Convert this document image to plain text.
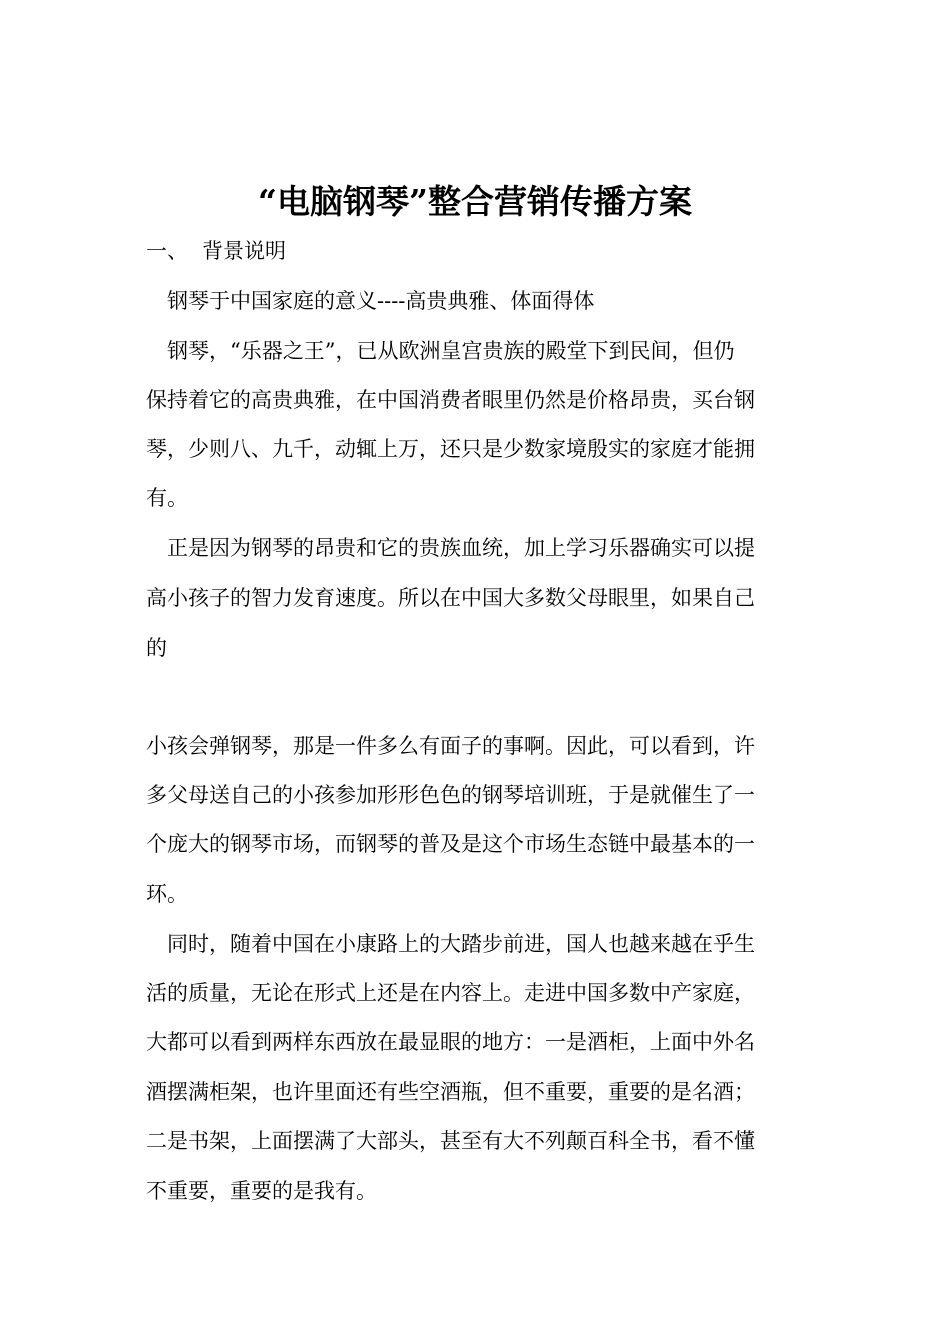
“电脑钢琴”整合营销传播方案
一、 背景说明
　钢琴于中国家庭的意义----高贵典雅、体面得体
　钢琴，“乐器之王”，已从欧洲皇宫贵族的殿堂下到民间，但仍
保持着它的高贵典雅，在中国消费者眼里仍然是价格昂贵，买台钢
琴，少则八、九千，动辄上万，还只是少数家境殷实的家庭才能拥
有。
　正是因为钢琴的昂贵和它的贵族血统，加上学习乐器确实可以提
高小孩子的智力发育速度。所以在中国大多数父母眼里，如果自己
的
小孩会弹钢琴，那是一件多么有面子的事啊。因此，可以看到，许
多父母送自己的小孩参加形形色色的钢琴培训班，于是就催生了一
个庞大的钢琴市场，而钢琴的普及是这个市场生态链中最基本的一
环。
　同时，随着中国在小康路上的大踏步前进，国人也越来越在乎生
活的质量，无论在形式上还是在内容上。走进中国多数中产家庭，
大都可以看到两样东西放在最显眼的地方：一是酒柜，上面中外名
酒摆满柜架，也许里面还有些空酒瓶，但不重要，重要的是名酒；
二是书架，上面摆满了大部头，甚至有大不列颠百科全书，看不懂
不重要，重要的是我有。
